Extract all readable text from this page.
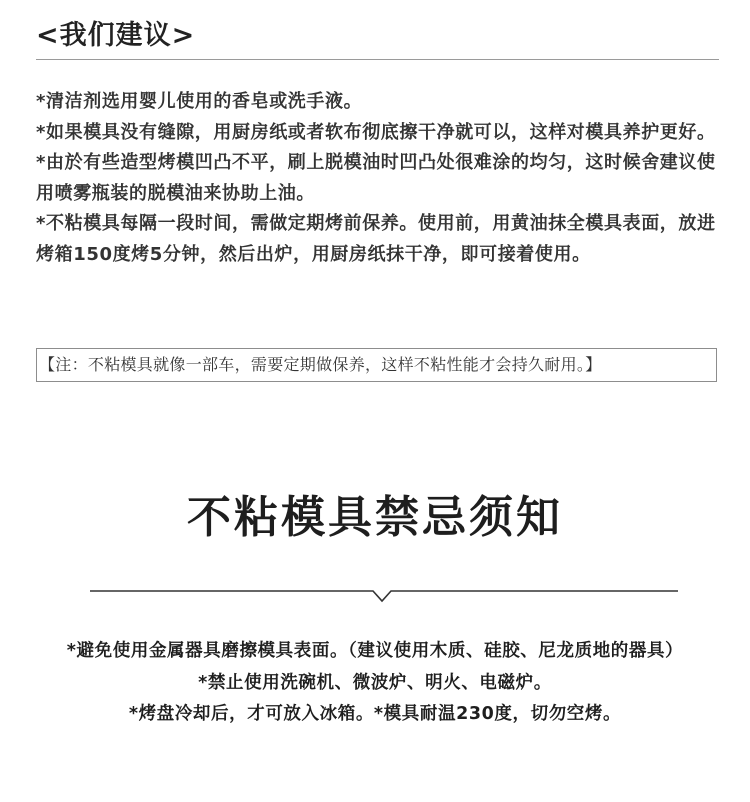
<我们建议>
*清洁剂选用婴儿使用的香皂或洗手液。
*如果模具没有缝隙，用厨房纸或者软布彻底擦干净就可以，这样对模具养护更好。
*由於有些造型烤模凹凸不平，刷上脱模油时凹凸处很难涂的均匀，这时候舍建议使用喷雾瓶装的脱模油来协助上油。
*不粘模具每隔一段时间，需做定期烤前保养。使用前，用黄油抹全模具表面，放进烤箱150度烤5分钟，然后出炉，用厨房纸抹干净，即可接着使用。
【注：不粘模具就像一部车，需要定期做保养，这样不粘性能才会持久耐用。】
不粘模具禁忌须知
*避免使用金属器具磨擦模具表面。（建议使用木质、硅胶、尼龙质地的器具）
*禁止使用洗碗机、微波炉、明火、电磁炉。
*烤盘冷却后，才可放入冰箱。*模具耐温230度，切勿空烤。
